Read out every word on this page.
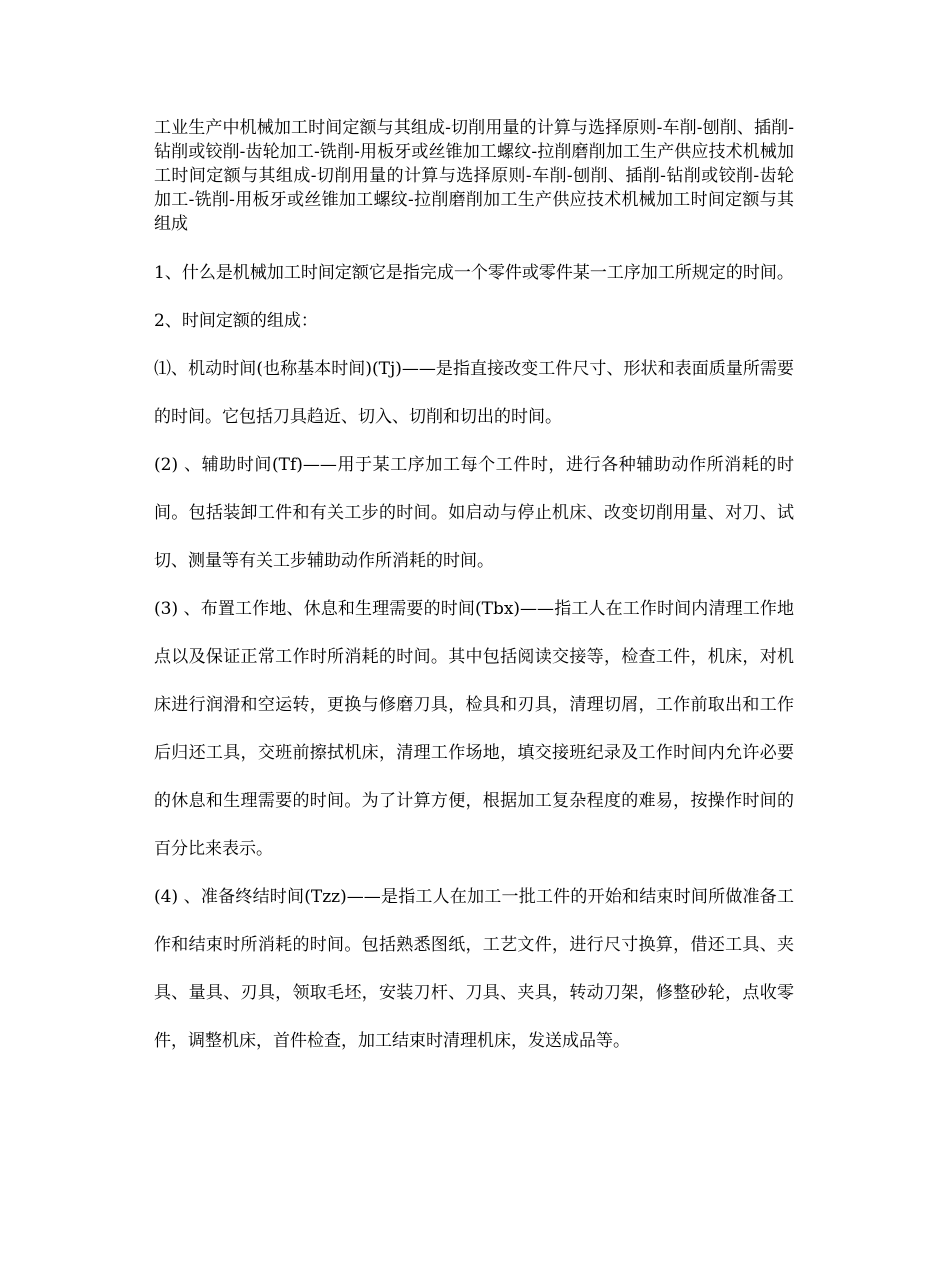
工业生产中机械加工时间定额与其组成-切削用量的计算与选择原则-车削-刨削、插削-钻削或铰削-齿轮加工-铣削-用板牙或丝锥加工螺纹-拉削磨削加工生产供应技术机械加工时间定额与其组成-切削用量的计算与选择原则-车削-刨削、插削-钻削或铰削-齿轮加工-铣削-用板牙或丝锥加工螺纹-拉削磨削加工生产供应技术机械加工时间定额与其组成

1、什么是机械加工时间定额它是指完成一个零件或零件某一工序加工所规定的时间。

2、时间定额的组成：

⑴、机动时间(也称基本时间)(Tj)——是指直接改变工件尺寸、形状和表面质量所需要的时间。它包括刀具趋近、切入、切削和切出的时间。

(2) 、辅助时间(Tf)——用于某工序加工每个工件时，进行各种辅助动作所消耗的时间。包括装卸工件和有关工步的时间。如启动与停止机床、改变切削用量、对刀、试切、测量等有关工步辅助动作所消耗的时间。

(3) 、布置工作地、休息和生理需要的时间(Tbx)——指工人在工作时间内清理工作地点以及保证正常工作时所消耗的时间。其中包括阅读交接等，检查工件，机床，对机床进行润滑和空运转，更换与修磨刀具，检具和刃具，清理切屑，工作前取出和工作后归还工具，交班前擦拭机床，清理工作场地，填交接班纪录及工作时间内允许必要的休息和生理需要的时间。为了计算方便，根据加工复杂程度的难易，按操作时间的百分比来表示。

(4) 、准备终结时间(Tzz)——是指工人在加工一批工件的开始和结束时间所做准备工作和结束时所消耗的时间。包括熟悉图纸，工艺文件，进行尺寸换算，借还工具、夹具、量具、刃具，领取毛坯，安装刀杆、刀具、夹具，转动刀架，修整砂轮，点收零件，调整机床，首件检查，加工结束时清理机床，发送成品等。
